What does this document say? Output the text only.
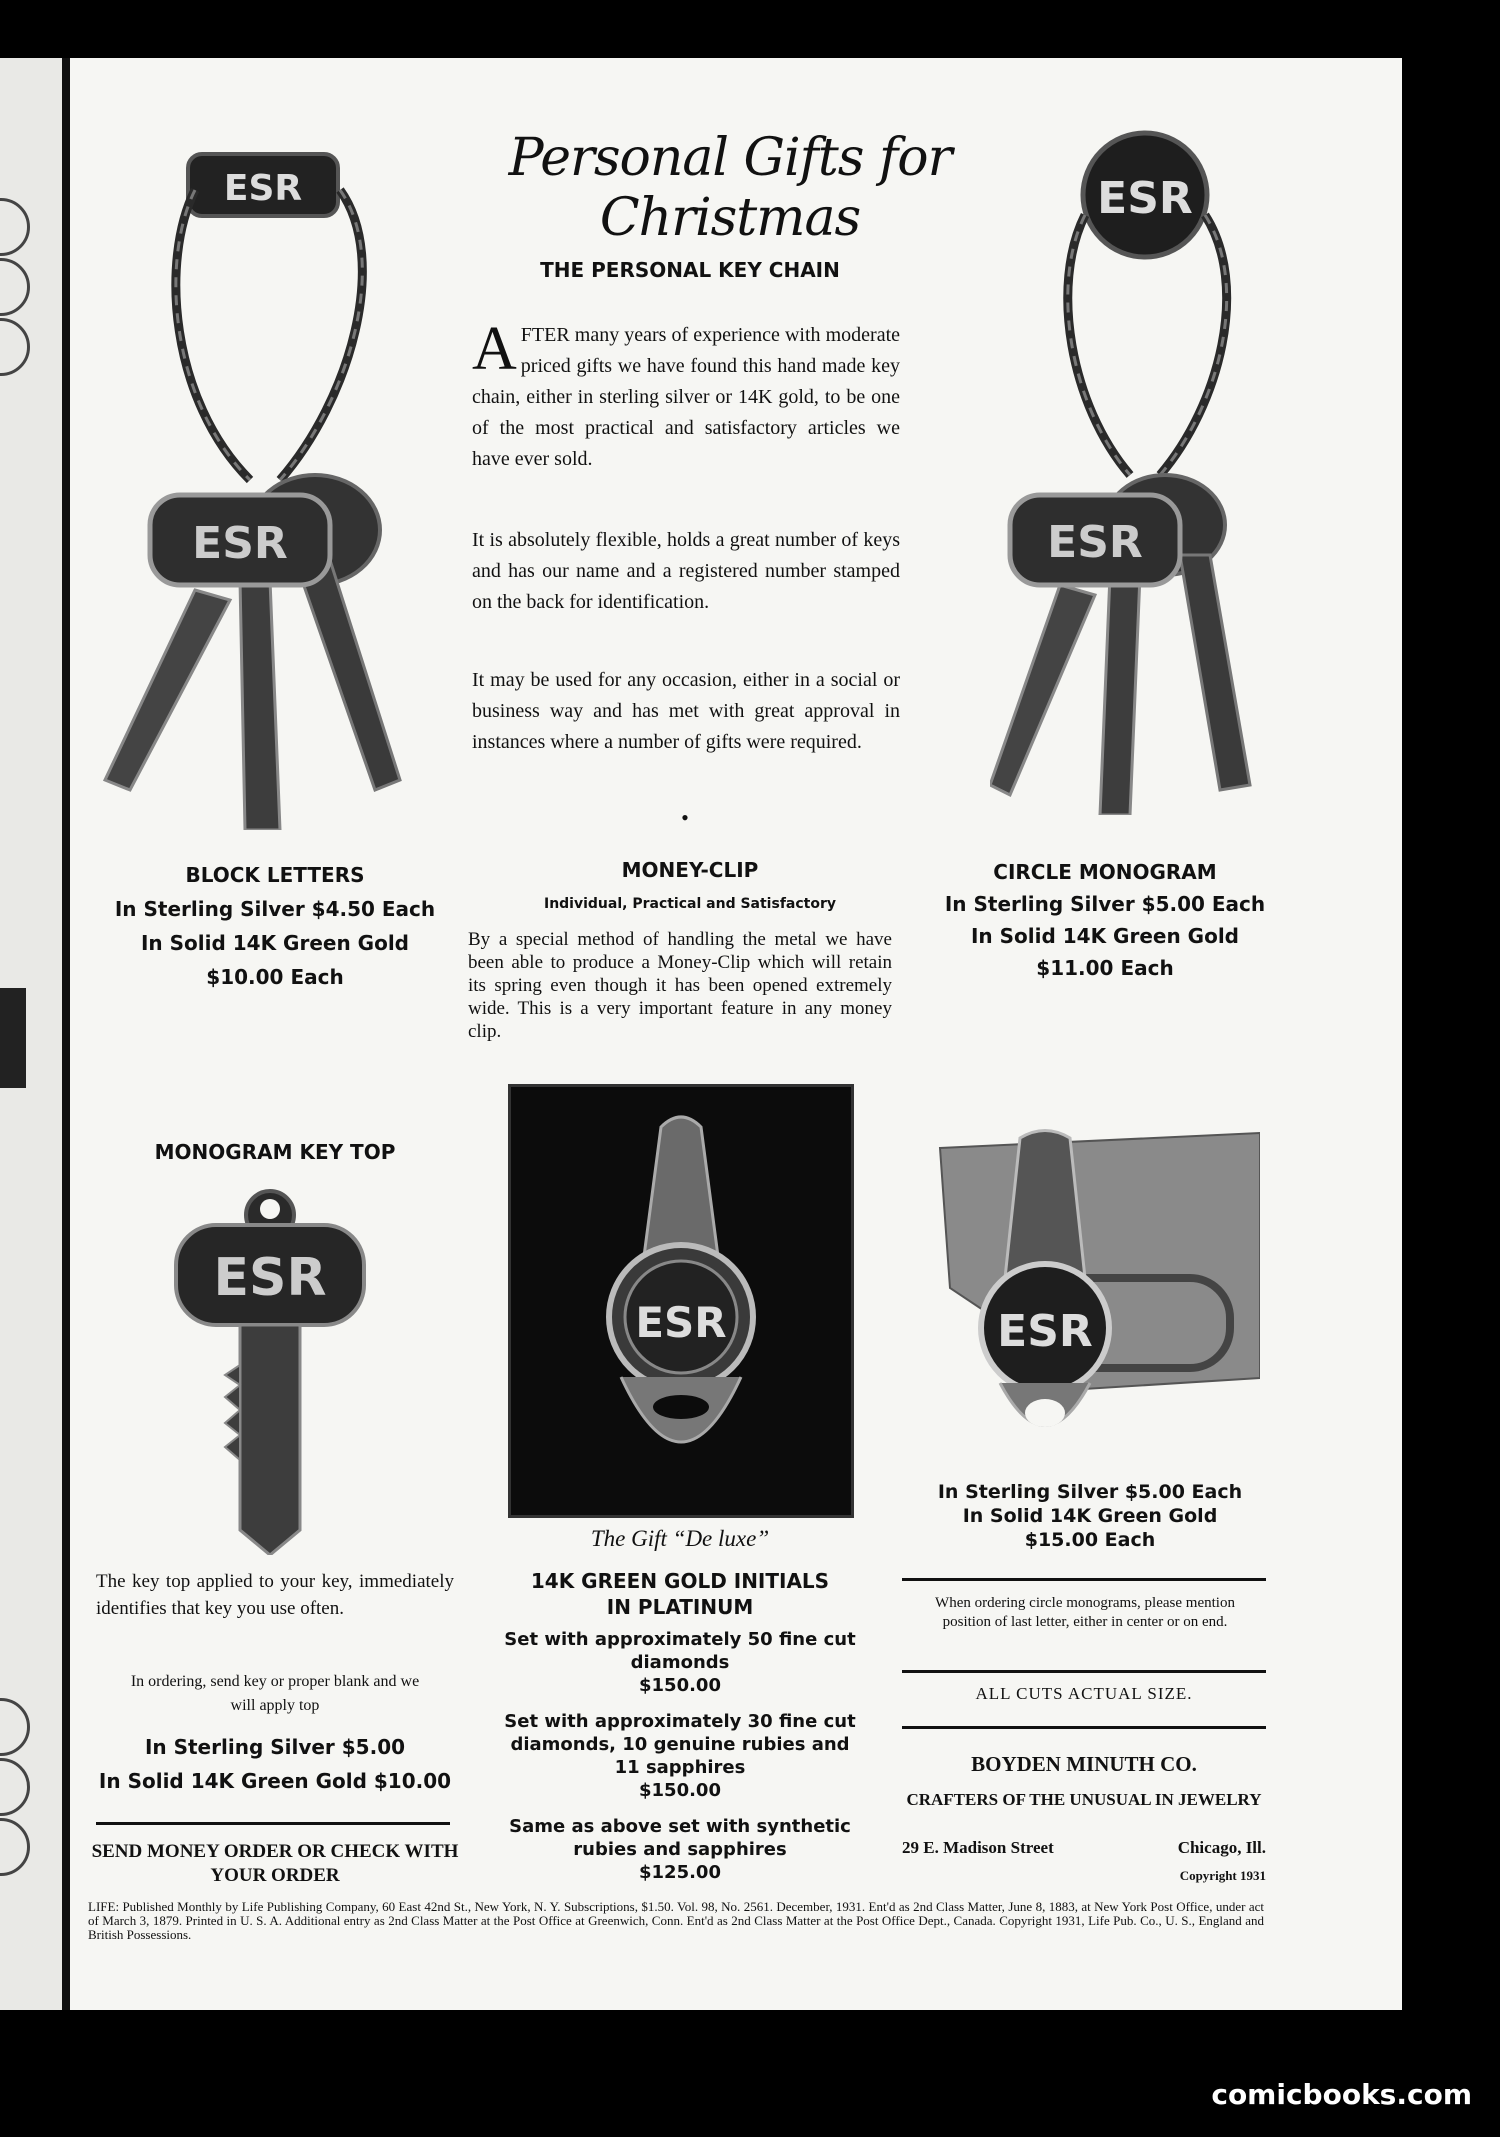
Personal Gifts for Christmas
ESR
ESR
ESR
ESR
THE PERSONAL KEY CHAIN
AFTER many years of experience with moderate priced gifts we have found this hand made key chain, either in sterling silver or 14K gold, to be one of the most practical and satisfactory articles we have ever sold.
It is absolutely flexible, holds a great number of keys and has our name and a registered number stamped on the back for identification.
It may be used for any occasion, either in a social or business way and has met with great approval in instances where a number of gifts were required.
•
BLOCK LETTERS
In Sterling Silver $4.50 Each
In Solid 14K Green Gold
$10.00 Each
CIRCLE MONOGRAM
In Sterling Silver $5.00 Each
In Solid 14K Green Gold
$11.00 Each
MONEY-CLIP
Individual, Practical and Satisfactory
By a special method of handling the metal we have been able to produce a Money-Clip which will retain its spring even though it has been opened extremely wide. This is a very important feature in any money clip.
MONOGRAM KEY TOP
ESR
The key top applied to your key, immediately identifies that key you use often.
In ordering, send key or proper blank and we will apply top
In Sterling Silver $5.00
In Solid 14K Green Gold $10.00
SEND MONEY ORDER OR CHECK WITH YOUR ORDER
ESR
The Gift “De luxe”
14K GREEN GOLD INITIALS IN PLATINUM
Set with approximately 50 fine cut diamonds
$150.00
Set with approximately 30 fine cut diamonds, 10 genuine rubies and 11 sapphires
$150.00
Same as above set with synthetic rubies and sapphires
$125.00
ESR
In Sterling Silver $5.00 Each
In Solid 14K Green Gold
$15.00 Each
When ordering circle monograms, please mention position of last letter, either in center or on end.
ALL CUTS ACTUAL SIZE.
BOYDEN MINUTH CO.
CRAFTERS OF THE UNUSUAL IN JEWELRY
29 E. Madison Street	Chicago, Ill.
Copyright 1931
LIFE: Published Monthly by Life Publishing Company, 60 East 42nd St., New York, N. Y. Subscriptions, $1.50. Vol. 98, No. 2561. December, 1931. Ent'd as 2nd Class Matter, June 8, 1883, at New York Post Office, under act of March 3, 1879. Printed in U. S. A. Additional entry as 2nd Class Matter at the Post Office at Greenwich, Conn. Ent'd as 2nd Class Matter at the Post Office Dept., Canada. Copyright 1931, Life Pub. Co., U. S., England and British Possessions.
comicbooks.com
